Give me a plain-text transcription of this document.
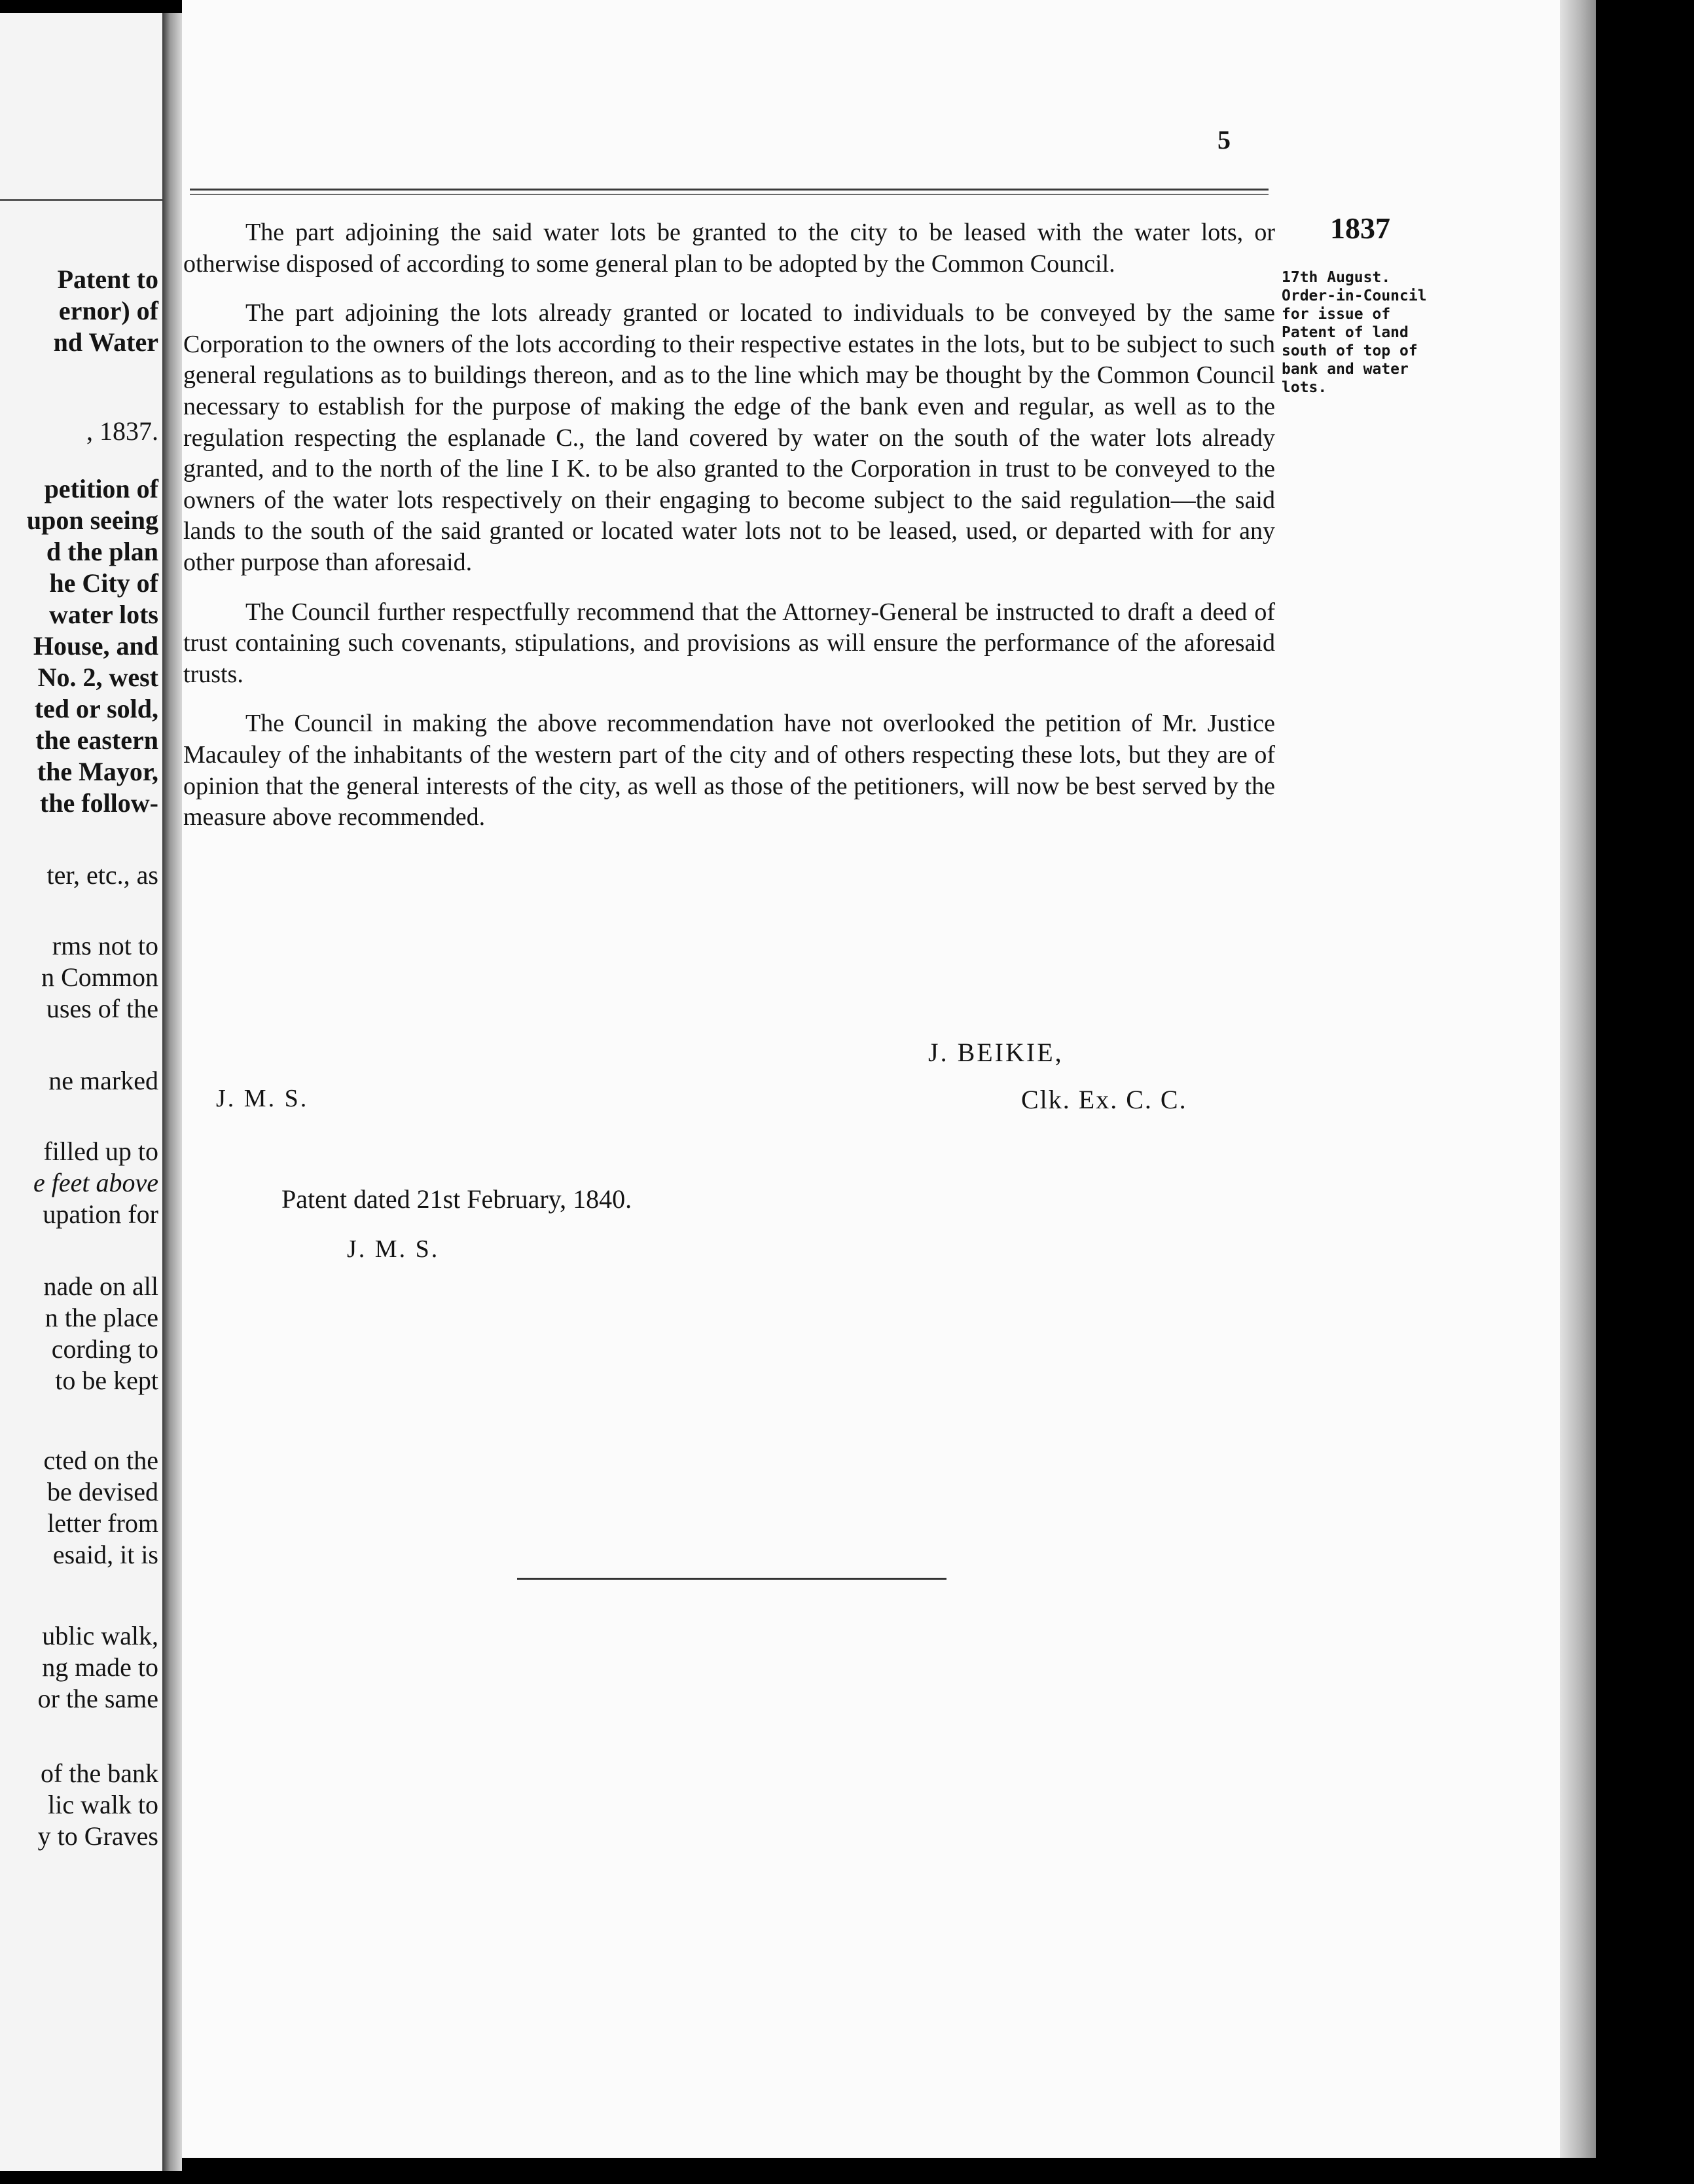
Patent to
ernor) of
nd Water
, 1837.
petition of
upon seeing
d the plan
he City of
water lots
House, and
No. 2, west
ted or sold,
the eastern
the Mayor,
the follow-
ter, etc., as
rms not to
n Common
uses of the
ne marked
filled up to
e feet above
upation for
nade on all
n the place
cording to
to be kept
cted on the
be devised
letter from
esaid, it is
ublic walk,
ng made to
or the same
of the bank
lic walk to
y to Graves
5

The part adjoining the said water lots be granted to the city to be leased with the water lots, or otherwise disposed of according to some general plan to be adopted by the Common Council.

The part adjoining the lots already granted or located to individuals to be conveyed by the same Corporation to the owners of the lots according to their respective estates in the lots, but to be subject to such general regulations as to buildings thereon, and as to the line which may be thought by the Common Council necessary to establish for the purpose of making the edge of the bank even and regular, as well as to the regulation respecting the esplanade C., the land covered by water on the south of the water lots already granted, and to the north of the line I K. to be also granted to the Corporation in trust to be conveyed to the owners of the water lots respectively on their engaging to become subject to the said regulation—the said lands to the south of the said granted or located water lots not to be leased, used, or departed with for any other purpose than aforesaid.

The Council further respectfully recommend that the Attorney-General be instructed to draft a deed of trust containing such covenants, stipulations, and provisions as will ensure the performance of the aforesaid trusts.

The Council in making the above recommendation have not overlooked the petition of Mr. Justice Macauley of the inhabitants of the western part of the city and of others respecting these lots, but they are of opinion that the general interests of the city, as well as those of the petitioners, will now be best served by the measure above recommended.

1837
17th August.
Order-in-Council
for issue of
Patent of land
south of top of
bank and water
lots.
J. BEIKIE,
J. M. S.	Clk. Ex. C. C.
Patent dated 21st February, 1840.
J. M. S.
